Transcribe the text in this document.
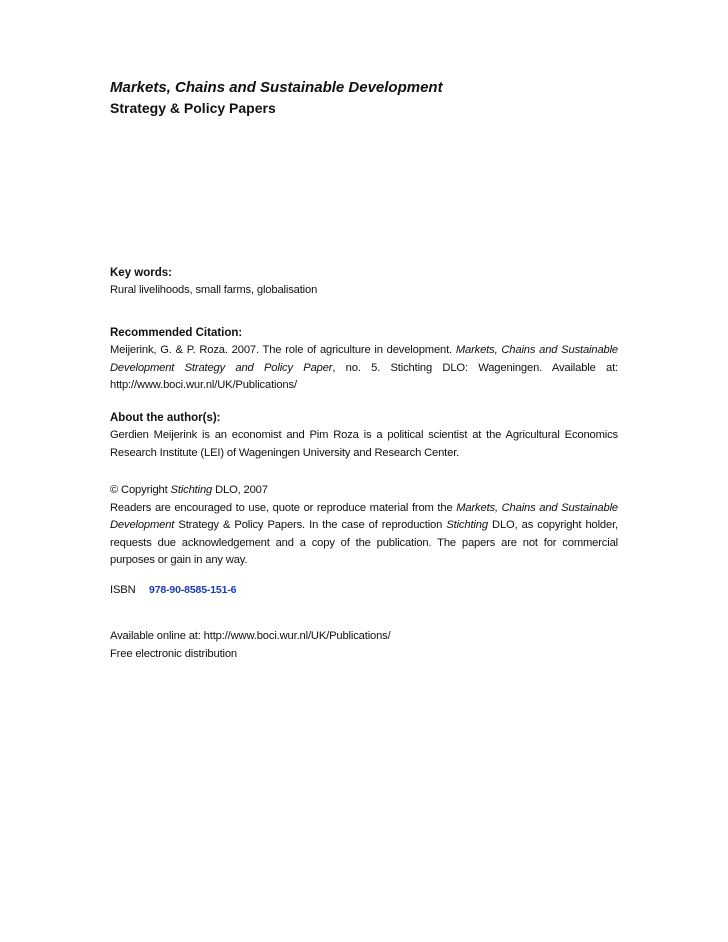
Markets, Chains and Sustainable Development

Strategy & Policy Papers

Key words:
Rural livelihoods, small farms, globalisation
Recommended Citation:
Meijerink, G. & P. Roza. 2007. The role of agriculture in development. Markets, Chains and Sustainable Development Strategy and Policy Paper, no. 5. Stichting DLO: Wageningen. Available at: http://www.boci.wur.nl/UK/Publications/
About the author(s):
Gerdien Meijerink is an economist and Pim Roza is a political scientist at the Agricultural Economics Research Institute (LEI) of Wageningen University and Research Center.
© Copyright Stichting DLO, 2007
Readers are encouraged to use, quote or reproduce material from the Markets, Chains and Sustainable Development Strategy & Policy Papers. In the case of reproduction Stichting DLO, as copyright holder, requests due acknowledgement and a copy of the publication. The papers are not for commercial purposes or gain in any way.
ISBN	978-90-8585-151-6
Available online at: http://www.boci.wur.nl/UK/Publications/
Free electronic distribution
